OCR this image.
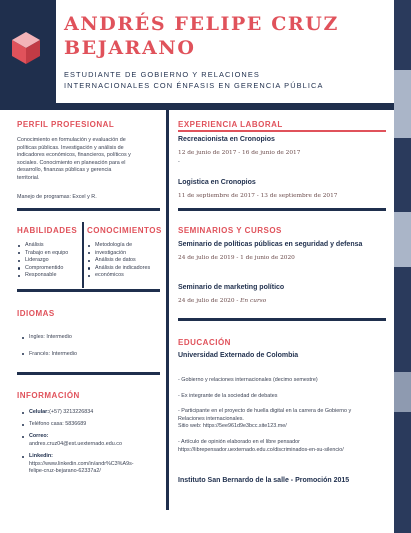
ANDRÉS FELIPE CRUZ
BEJARANO
ESTUDIANTE DE GOBIERNO Y RELACIONES
INTERNACIONALES CON ÉNFASIS EN GERENCIA PÚBLICA
PERFIL PROFESIONAL
Conocimiento en formulación y evaluación de
políticas públicas. Investigación y análisis de
indicadores económicos, financieros, políticos y
sociales. Conocimiento en planeación para el
desarrollo, finanzas públicas y gerencia
territorial.
Manejo de programas: Excel y R.
HABILIDADES CONOCIMIENTOS
Análisis
Trabajo en equipo
Liderazgo
Compromentido
Responsable
Metodología de
investigación
Análisis de datos
Análisis de indicadores
económicos
IDIOMAS
Ingles: Intermedio
Francés: Intermedio
INFORMACIÓN
Celular:(+57) 3213226834
Teléfono casa: 5836689
Correo:
andres.cruz04@est.uexternado.edu.co
Linkedin:
https://www.linkedin.com/in/andr%C3%A9s-
felipe-cruz-bejarano-62337a2/
EXPERIENCIA LABORAL
Recreacionista en Cronopios
12 de junio de 2017 - 16 de junio de 2017
-
Logistica en Cronopios
11 de septiembre de 2017 - 13 de septiembre de 2017
SEMINARIOS Y CURSOS
Seminario de políticas públicas en seguridad y defensa
24 de julio de 2019 - 1 de junio de 2020
Seminario de marketing político
24 de julio de 2020 - En curso
EDUCACIÓN
Universidad Externado de Colombia
- Gobierno y relaciones internacionales (decimo semestre)
- Ex integrante de la sociedad de debates
- Participante en el proyecto de huella digital en la carrera de Gobierno y
Relaciones internacionales.
Sitio web: https://5ee961d9e3bcc.site123.me/
- Artículo de opinión elaborado en el libre pensador
https://librepensador.uexternado.edu.co/discriminados-en-su-silencio/
Instituto San Bernardo de la salle - Promoción 2015
